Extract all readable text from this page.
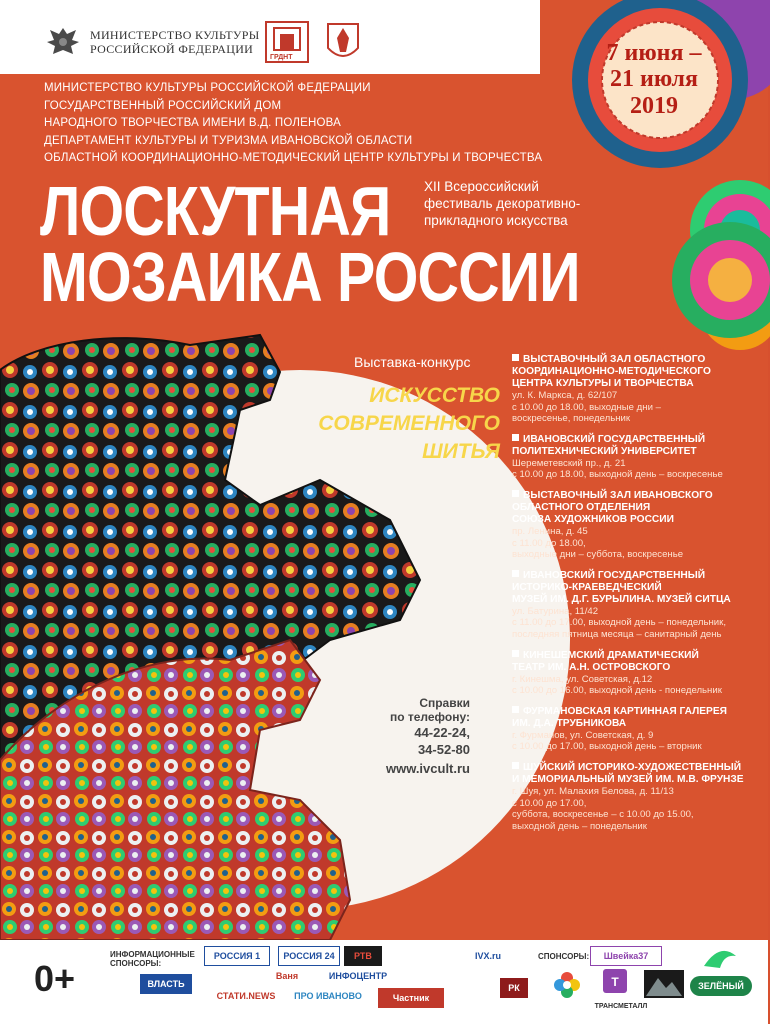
МИНИСТЕРСТВО КУЛЬТУРЫ
РОССИЙСКОЙ ФЕДЕРАЦИИ
ГРДНТ
МИНИСТЕРСТВО КУЛЬТУРЫ РОССИЙСКОЙ ФЕДЕРАЦИИ
ГОСУДАРСТВЕННЫЙ РОССИЙСКИЙ ДОМ
НАРОДНОГО ТВОРЧЕСТВА ИМЕНИ В.Д. ПОЛЕНОВА
ДЕПАРТАМЕНТ КУЛЬТУРЫ И ТУРИЗМА ИВАНОВСКОЙ ОБЛАСТИ
ОБЛАСТНОЙ КООРДИНАЦИОННО-МЕТОДИЧЕСКИЙ ЦЕНТР КУЛЬТУРЫ И ТВОРЧЕСТВА
7 июня –
21 июля
2019
ЛОСКУТНАЯ
МОЗАИКА РОССИИ
XII Всероссийский
фестиваль декоративно-
прикладного искусства
Выставка-конкурс
ИСКУССТВО
СОВРЕМЕННОГО
ШИТЬЯ
Справки
по телефону:
44-22-24,
34-52-80
www.ivcult.ru
ВЫСТАВОЧНЫЙ ЗАЛ ОБЛАСТНОГО
КООРДИНАЦИОННО-МЕТОДИЧЕСКОГО
ЦЕНТРА КУЛЬТУРЫ И ТВОРЧЕСТВА
ул. К. Маркса, д. 62/107
с 10.00 до 18.00, выходные дни –
воскресенье, понедельник
ИВАНОВСКИЙ ГОСУДАРСТВЕННЫЙ
ПОЛИТЕХНИЧЕСКИЙ УНИВЕРСИТЕТ
Шереметевский пр., д. 21
с 10.00 до 18.00, выходной день – воскресенье
ВЫСТАВОЧНЫЙ ЗАЛ ИВАНОВСКОГО
ОБЛАСТНОГО ОТДЕЛЕНИЯ
СОЮЗА ХУДОЖНИКОВ РОССИИ
пр. Ленина, д. 45
с 11.00 до 18.00,
выходные дни – суббота, воскресенье
ИВАНОВСКИЙ ГОСУДАРСТВЕННЫЙ
ИСТОРИКО-КРАЕВЕДЧЕСКИЙ
МУЗЕЙ ИМ. Д.Г. БУРЫЛИНА. МУЗЕЙ СИТЦА
ул. Батурина, 11/42
с 11.00 до 17.00, выходной день – понедельник,
последняя пятница месяца – санитарный день
КИНЕШЕМСКИЙ ДРАМАТИЧЕСКИЙ
ТЕАТР ИМ. А.Н. ОСТРОВСКОГО
г. Кинешма, ул. Советская, д.12
с 10.00 до 16.00, выходной день - понедельник
ФУРМАНОВСКАЯ КАРТИННАЯ ГАЛЕРЕЯ
ИМ. Д.А. ТРУБНИКОВА
г. Фурманов, ул. Советская, д. 9
с 10.00 до 17.00, выходной день – вторник
ШУЙСКИЙ ИСТОРИКО-ХУДОЖЕСТВЕННЫЙ
И МЕМОРИАЛЬНЫЙ МУЗЕЙ ИМ. М.В. ФРУНЗЕ
г. Шуя, ул. Малахия Белова, д. 11/13
с 10.00 до 17.00,
суббота, воскресенье – с 10.00 до 15.00,
выходной день – понедельник
0+
ИНФОРМАЦИОННЫЕ
СПОНСОРЫ:
РОССИЯ 1	РОССИЯ 24	РТВ
ВЛАСТЬ
Ваня	ИНФОЦЕНТР
СТАТИ.NEWS	ПРО ИВАНОВО	Частник
IVX.ru
РК
СПОНСОРЫ:	Швейка37
ТРАНСМЕТАЛЛ
ЗЕЛЁНЫЙ
T
